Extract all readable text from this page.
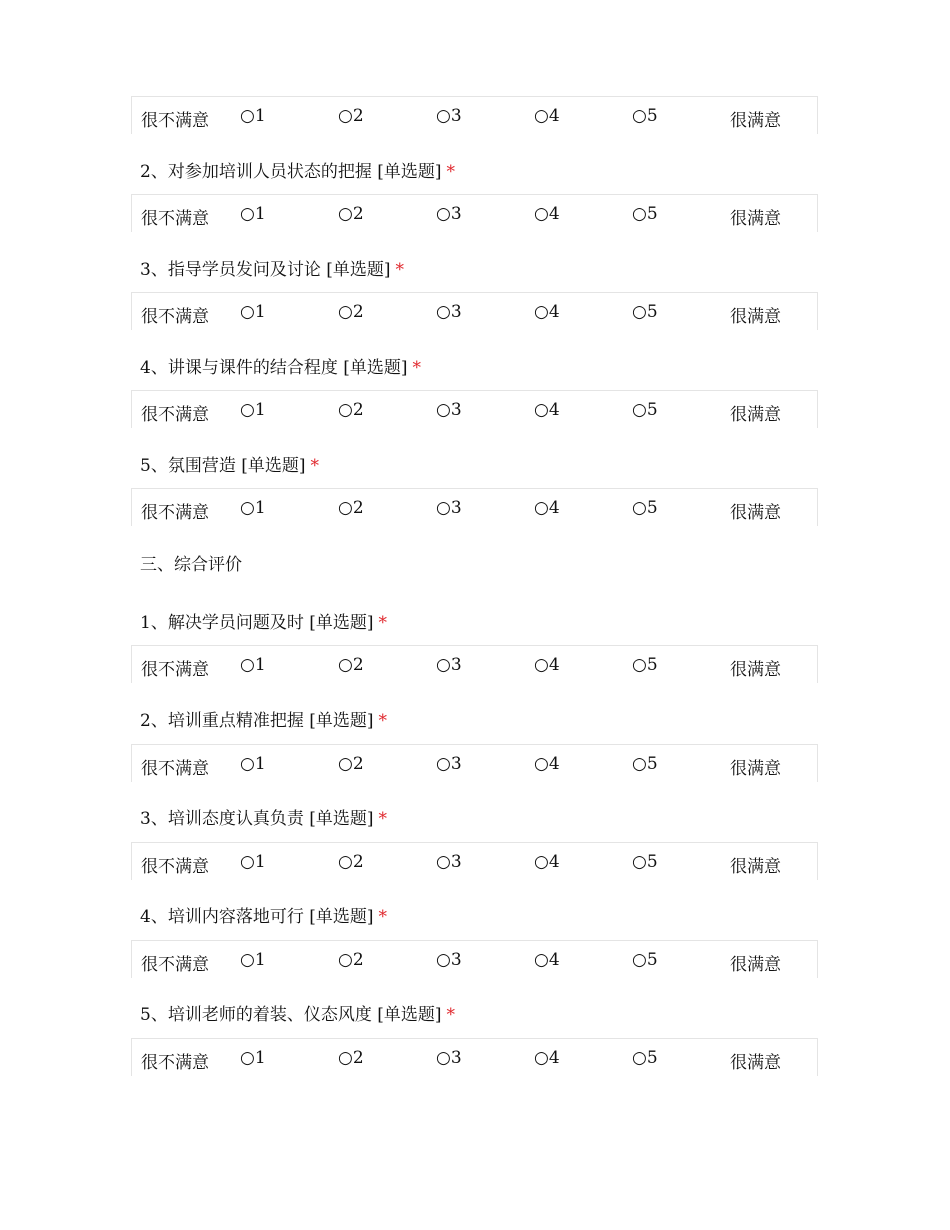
很不满意 ○1	○2	○3	○4	○5	很满意
2、对参加培训人员状态的把握 [单选题] *
很不满意 ○1	○2	○3	○4	○5	很满意
3、指导学员发问及讨论 [单选题] *
很不满意 ○1	○2	○3	○4	○5	很满意
4、讲课与课件的结合程度 [单选题] *
很不满意 ○1	○2	○3	○4	○5	很满意
5、氛围营造 [单选题] *
很不满意 ○1	○2	○3	○4	○5	很满意
三、综合评价
1、解决学员问题及时 [单选题] *
很不满意 ○1	○2	○3	○4	○5	很满意
2、培训重点精准把握 [单选题] *
很不满意 ○1	○2	○3	○4	○5	很满意
3、培训态度认真负责 [单选题] *
很不满意 ○1	○2	○3	○4	○5	很满意
4、培训内容落地可行 [单选题] *
很不满意 ○1	○2	○3	○4	○5	很满意
5、培训老师的着装、仪态风度 [单选题] *
很不满意 ○1	○2	○3	○4	○5	很满意
